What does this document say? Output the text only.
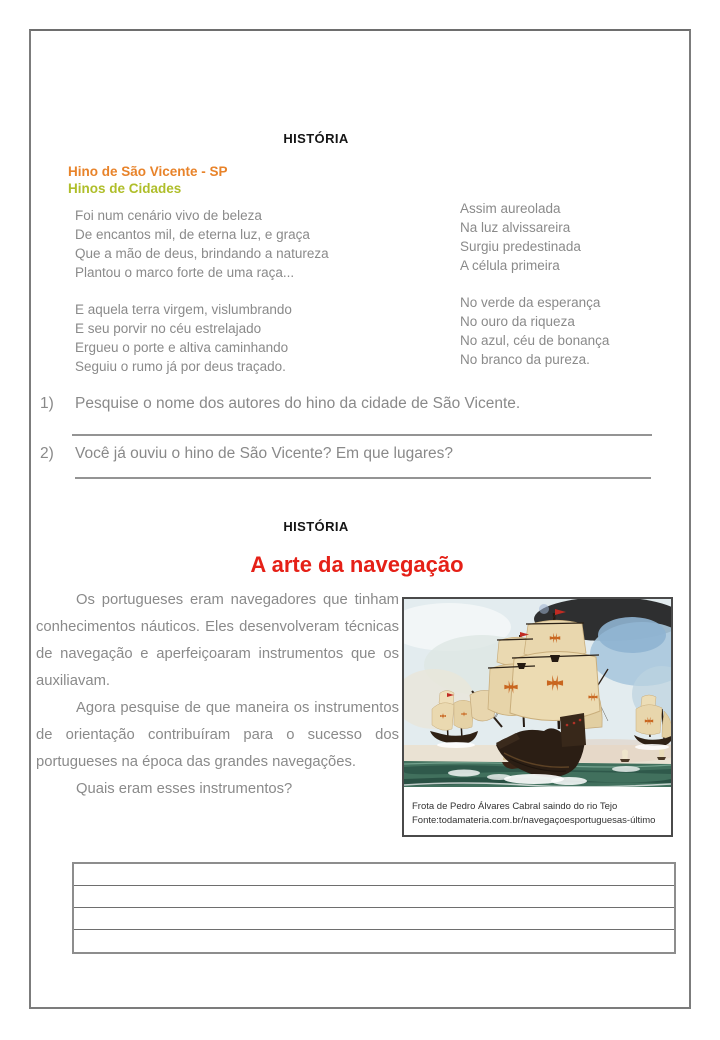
HISTÓRIA
Hino de São Vicente - SP
Hinos de Cidades
Foi num cenário vivo de beleza
De encantos mil, de eterna luz, e graça
Que a mão de deus, brindando a natureza
Plantou o marco forte de uma raça...
E aquela terra virgem, vislumbrando
E seu porvir no céu estrelajado
Ergueu o porte e altiva caminhando
Seguiu o rumo já por deus traçado.
Assim aureolada
Na luz alvissareira
Surgiu predestinada
A célula primeira
No verde da esperança
No ouro da riqueza
No azul, céu de bonança
No branco da pureza.
1) Pesquise o nome dos autores do hino da cidade de São Vicente.
2) Você já ouviu o hino de São Vicente? Em que lugares?
HISTÓRIA
A arte da navegação

Os portugueses eram navegadores que tinham conhecimentos náuticos. Eles desenvolveram técnicas de navegação e aperfeiçoaram instrumentos que os auxiliavam.

Agora pesquise de que maneira os instrumentos de orientação contribuíram para o sucesso dos portugueses na época das grandes navegações.

Quais eram esses instrumentos?

Frota de Pedro Álvares Cabral saindo do rio Tejo
Fonte:todamateria.com.br/navegaçoesportuguesas-último
